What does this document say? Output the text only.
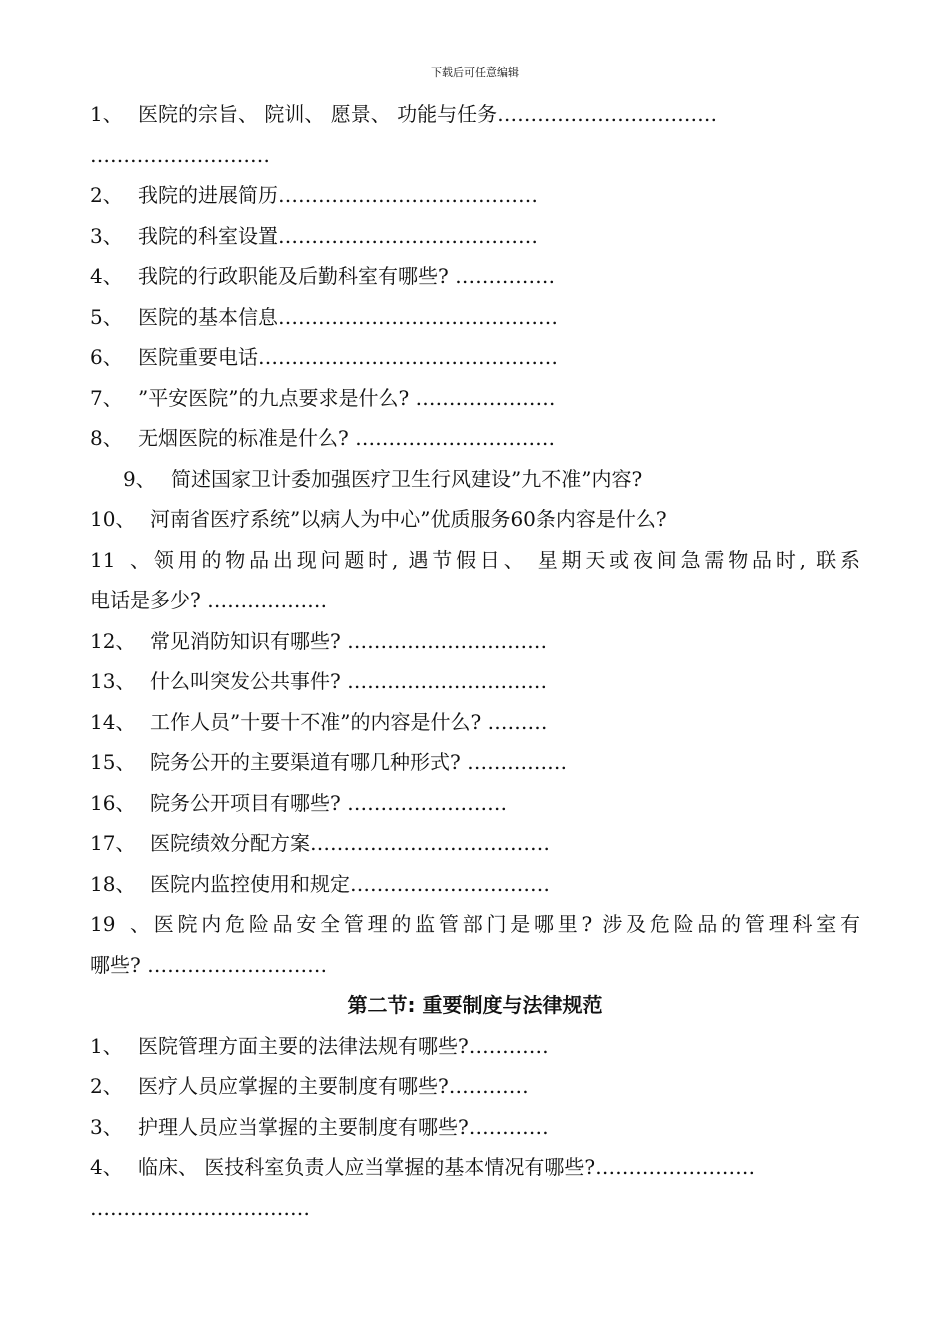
下载后可任意编辑
1、 医院的宗旨、 院训、 愿景、 功能与任务……………………………
………………………
2、 我院的进展简历…………………………………
3、 我院的科室设置…………………………………
4、 我院的行政职能及后勤科室有哪些? ……………
5、 医院的基本信息……………………………………
6、 医院重要电话………………………………………
7、 ”平安医院”的九点要求是什么? …………………
8、 无烟医院的标准是什么? …………………………
9、 简述国家卫计委加强医疗卫生行风建设”九不准”内容?
10、 河南省医疗系统”以病人为中心”优质服务60条内容是什么?
11、领用的物品出现问题时, 遇节假日、 星期天或夜间急需物品时, 联系
电话是多少? ………………
12、 常见消防知识有哪些? …………………………
13、 什么叫突发公共事件? …………………………
14、 工作人员”十要十不准”的内容是什么? ………
15、 院务公开的主要渠道有哪几种形式? ……………
16、 院务公开项目有哪些? ……………………
17、 医院绩效分配方案………………………………
18、 医院内监控使用和规定…………………………
19、医院内危险品安全管理的监管部门是哪里? 涉及危险品的管理科室有
哪些? ………………………
第二节: 重要制度与法律规范
1、 医院管理方面主要的法律法规有哪些?…………
2、 医疗人员应掌握的主要制度有哪些?…………
3、 护理人员应当掌握的主要制度有哪些?…………
4、 临床、 医技科室负责人应当掌握的基本情况有哪些?……………………
……………………………
